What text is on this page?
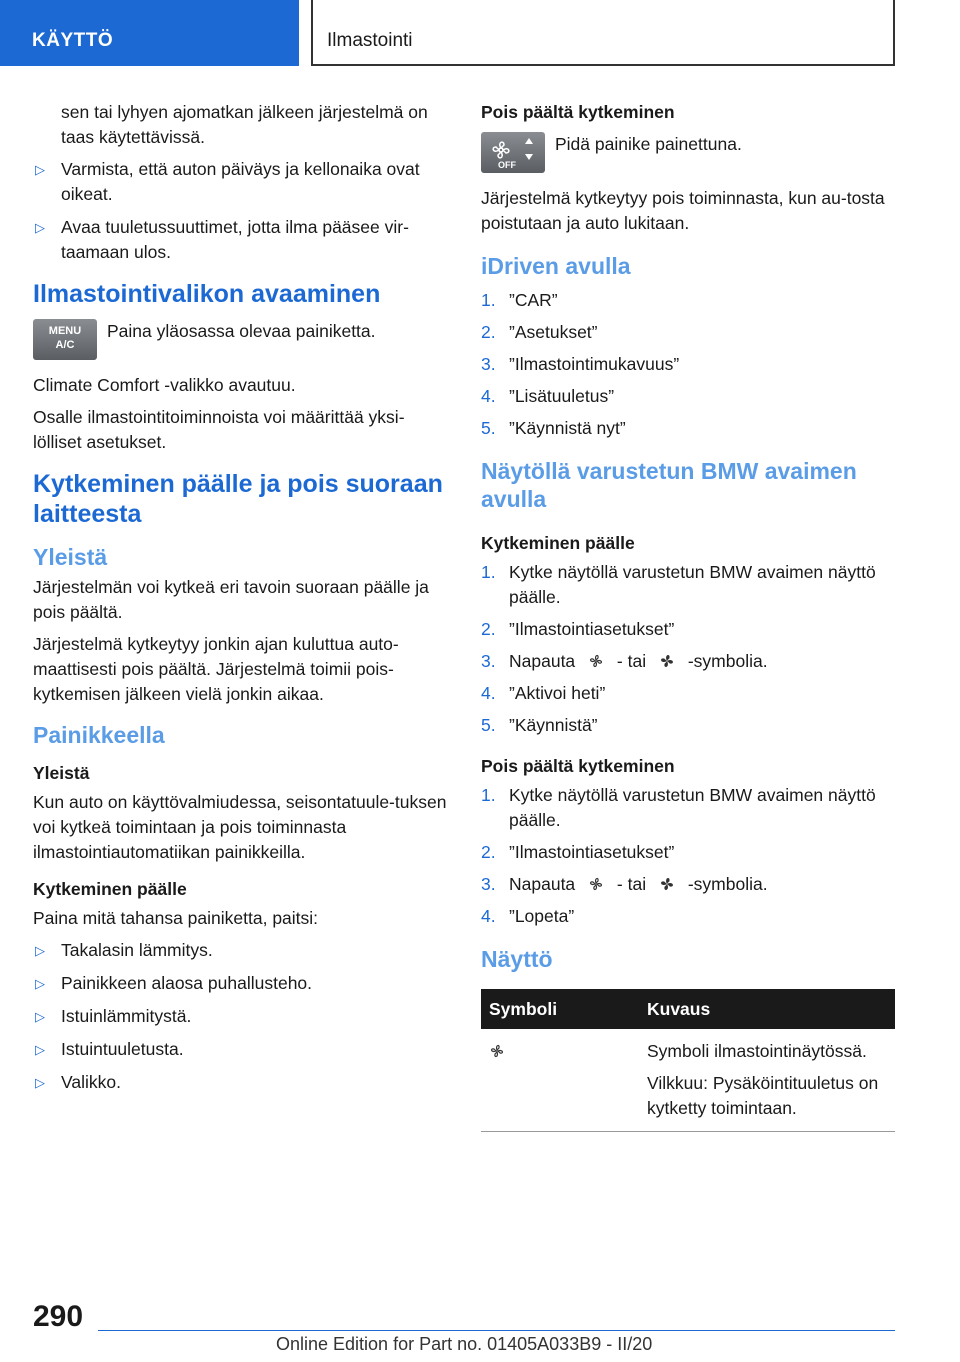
KÄYTTÖ	Ilmastointi

sen tai lyhyen ajomatkan jälkeen järjestelmä on taas käytettävissä.

▷ Varmista, että auton päiväys ja kellonaika ovat oikeat.
▷ Avaa tuuletussuuttimet, jotta ilma pääsee vir-taamaan ulos.
Ilmastointivalikon avaaminen
MENU
A/C
Paina yläosassa olevaa painiketta.

Climate Comfort -valikko avautuu.

Osalle ilmastointitoiminnoista voi määrittää yksi-lölliset asetukset.

Kytkeminen päälle ja pois suoraan laitteesta
Yleistä

Järjestelmän voi kytkeä eri tavoin suoraan päälle ja pois päältä.

Järjestelmä kytkeytyy jonkin ajan kuluttua auto-maattisesti pois päältä. Järjestelmä toimii pois-kytkemisen jälkeen vielä jonkin aikaa.

Painikkeella
Yleistä

Kun auto on käyttövalmiudessa, seisontatuule-tuksen voi kytkeä toimintaan ja pois toiminnasta ilmastointiautomatiikan painikkeilla.

Kytkeminen päälle

Paina mitä tahansa painiketta, paitsi:

▷ Takalasin lämmitys.
▷ Painikkeen alaosa puhallusteho.
▷ Istuinlämmitystä.
▷ Istuintuuletusta.
▷ Valikko.
Pois päältä kytkeminen
OFF
Pidä painike painettuna.

Järjestelmä kytkeytyy pois toiminnasta, kun au-tosta poistutaan ja auto lukitaan.

iDriven avulla
1. ”CAR”
2. ”Asetukset”
3. ”Ilmastointimukavuus”
4. ”Lisätuuletus”
5. ”Käynnistä nyt”
Näytöllä varustetun BMW avaimen avulla
Kytkeminen päälle
1. Kytke näytöllä varustetun BMW avaimen näyttö päälle.
2. ”Ilmastointiasetukset”
3. Napauta - tai -symbolia.
4. ”Aktivoi heti”
5. ”Käynnistä”
Pois päältä kytkeminen
1. Kytke näytöllä varustetun BMW avaimen näyttö päälle.
2. ”Ilmastointiasetukset”
3. Napauta - tai -symbolia.
4. ”Lopeta”
Näyttö
Symboli	Kuvaus

Symboli ilmastointinäytössä.
Vilkkuu: Pysäköintituuletus on kytketty toimintaan.
290
Online Edition for Part no. 01405A033B9 - II/20
